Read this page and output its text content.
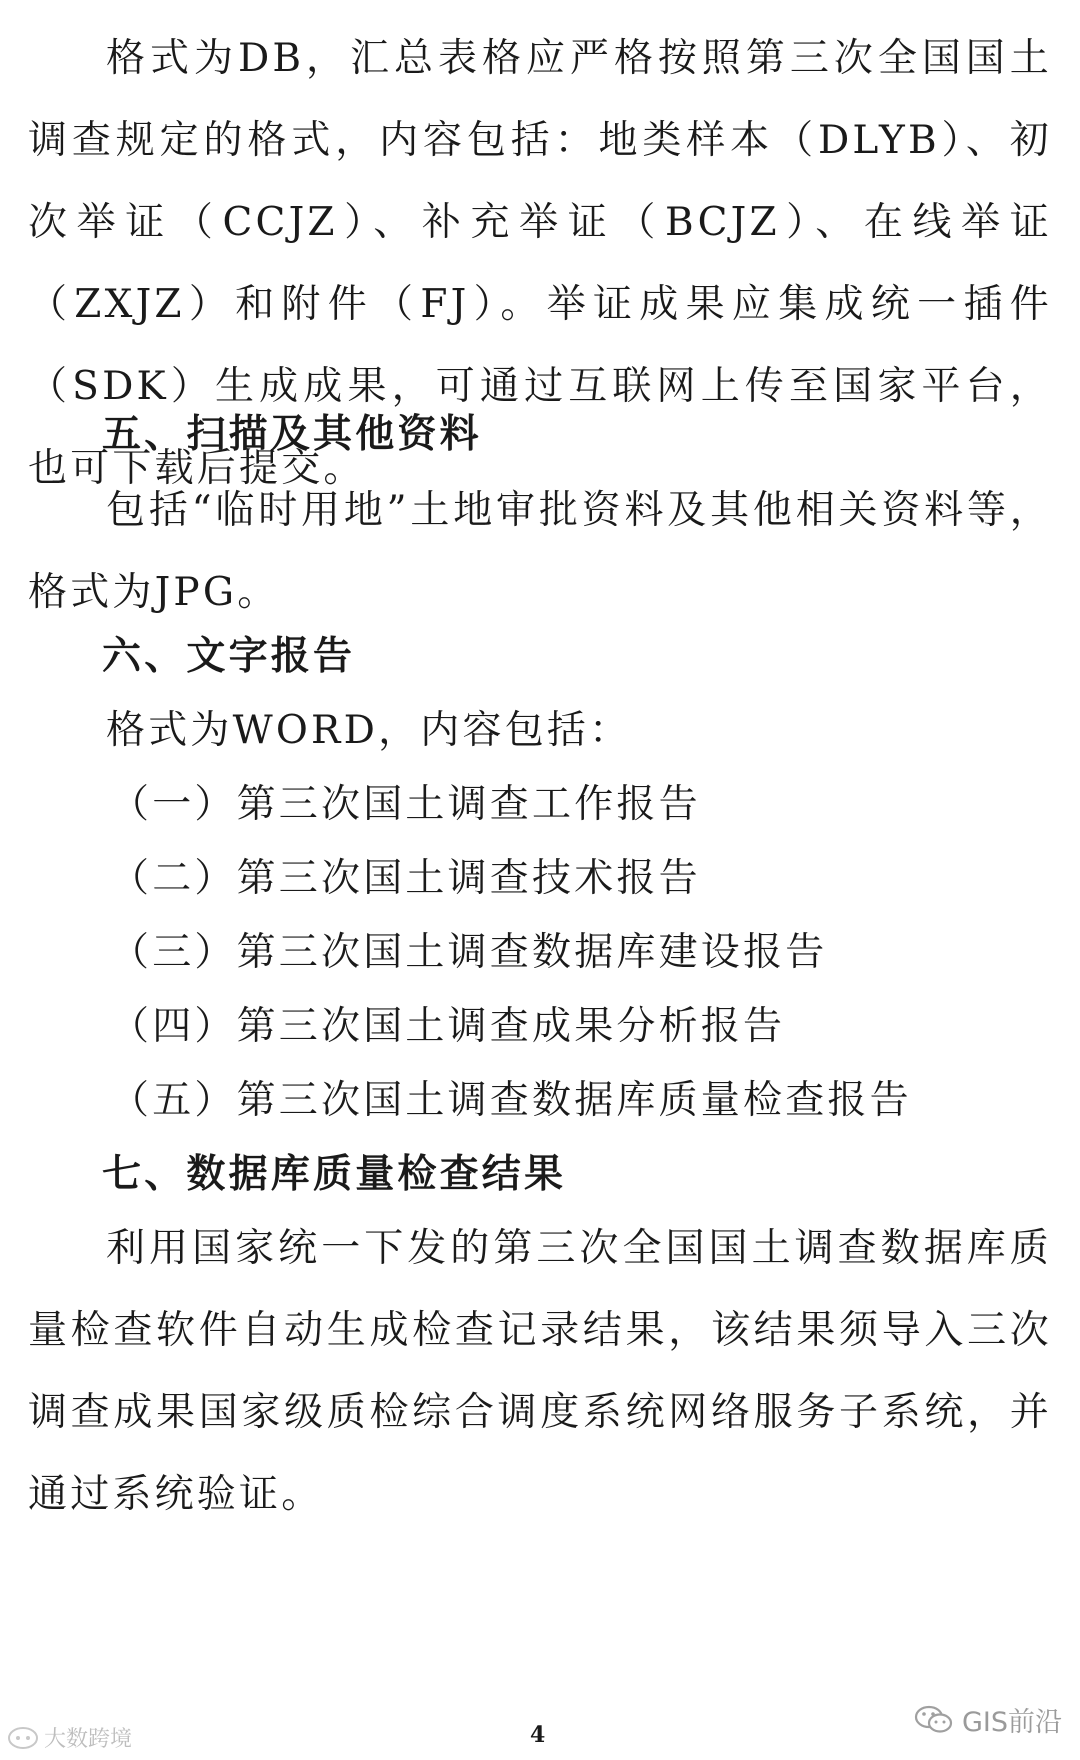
格式为DB，汇总表格应严格按照第三次全国国土调查规定的格式，内容包括：地类样本（DLYB）、初次举证（CCJZ）、补充举证（BCJZ）、在线举证（ZXJZ）和附件（FJ）。举证成果应集成统一插件（SDK）生成成果，可通过互联网上传至国家平台，也可下载后提交。

五、扫描及其他资料

包括“临时用地”土地审批资料及其他相关资料等，格式为JPG。

六、文字报告

格式为WORD，内容包括：

（一）第三次国土调查工作报告

（二）第三次国土调查技术报告

（三）第三次国土调查数据库建设报告

（四）第三次国土调查成果分析报告

（五）第三次国土调查数据库质量检查报告

七、数据库质量检查结果

利用国家统一下发的第三次全国国土调查数据库质量检查软件自动生成检查记录结果，该结果须导入三次调查成果国家级质检综合调度系统网络服务子系统，并通过系统验证。

大数跨境	4	GIS前沿
